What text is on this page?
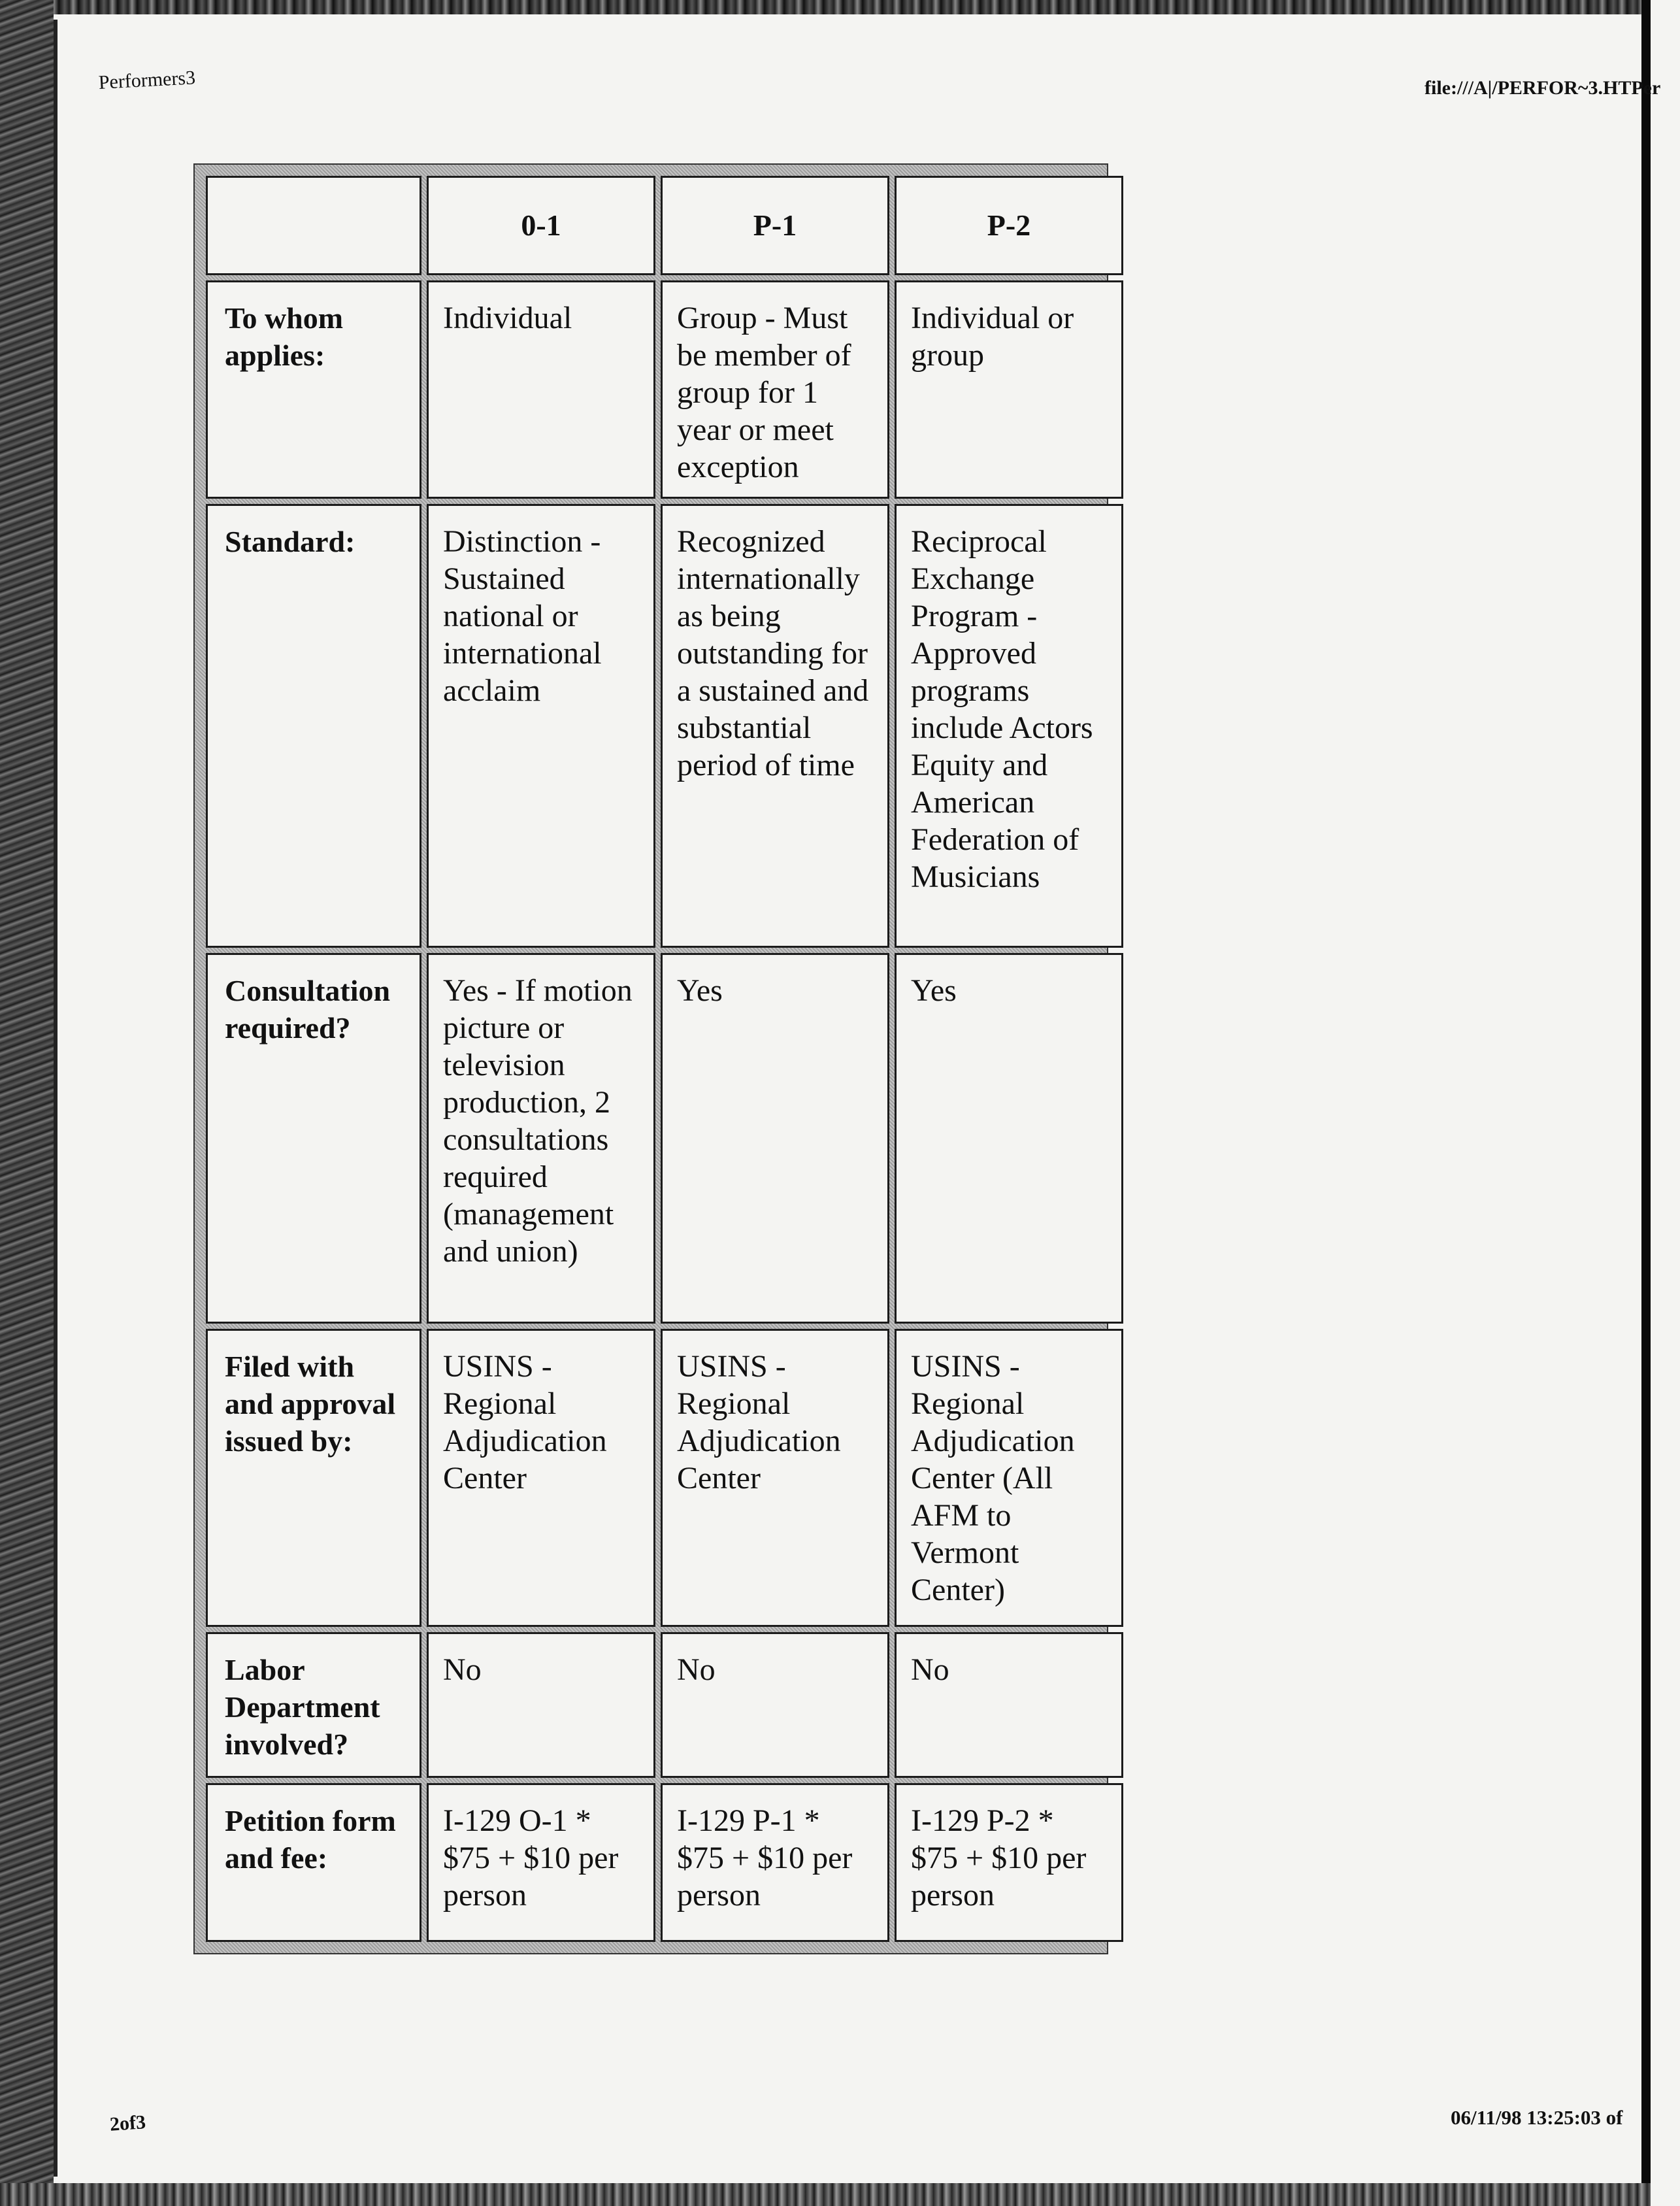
Performers3	file:///A|/PERFOR~3.HTPer
	0-1	P-1	P-2
To whom applies:	Individual	Group - Must be member of group for 1 year or meet exception	Individual or group
Standard:	Distinction - Sustained national or international acclaim	Recognized internationally as being outstanding for a sustained and substantial period of time	Reciprocal Exchange Program - Approved programs include Actors Equity and American Federation of Musicians
Consultation required?	Yes - If motion picture or television production, 2 consultations required (management and union)	Yes	Yes
Filed with and approval issued by:	USINS - Regional Adjudication Center	USINS - Regional Adjudication Center	USINS - Regional Adjudication Center (All AFM to Vermont Center)
Labor Department involved?	No	No	No
Petition form and fee:	I-129 O-1 * $75 + $10 per person	I-129 P-1 * $75 + $10 per person	I-129 P-2 * $75 + $10 per person
2of3	06/11/98 13:25:03 of
